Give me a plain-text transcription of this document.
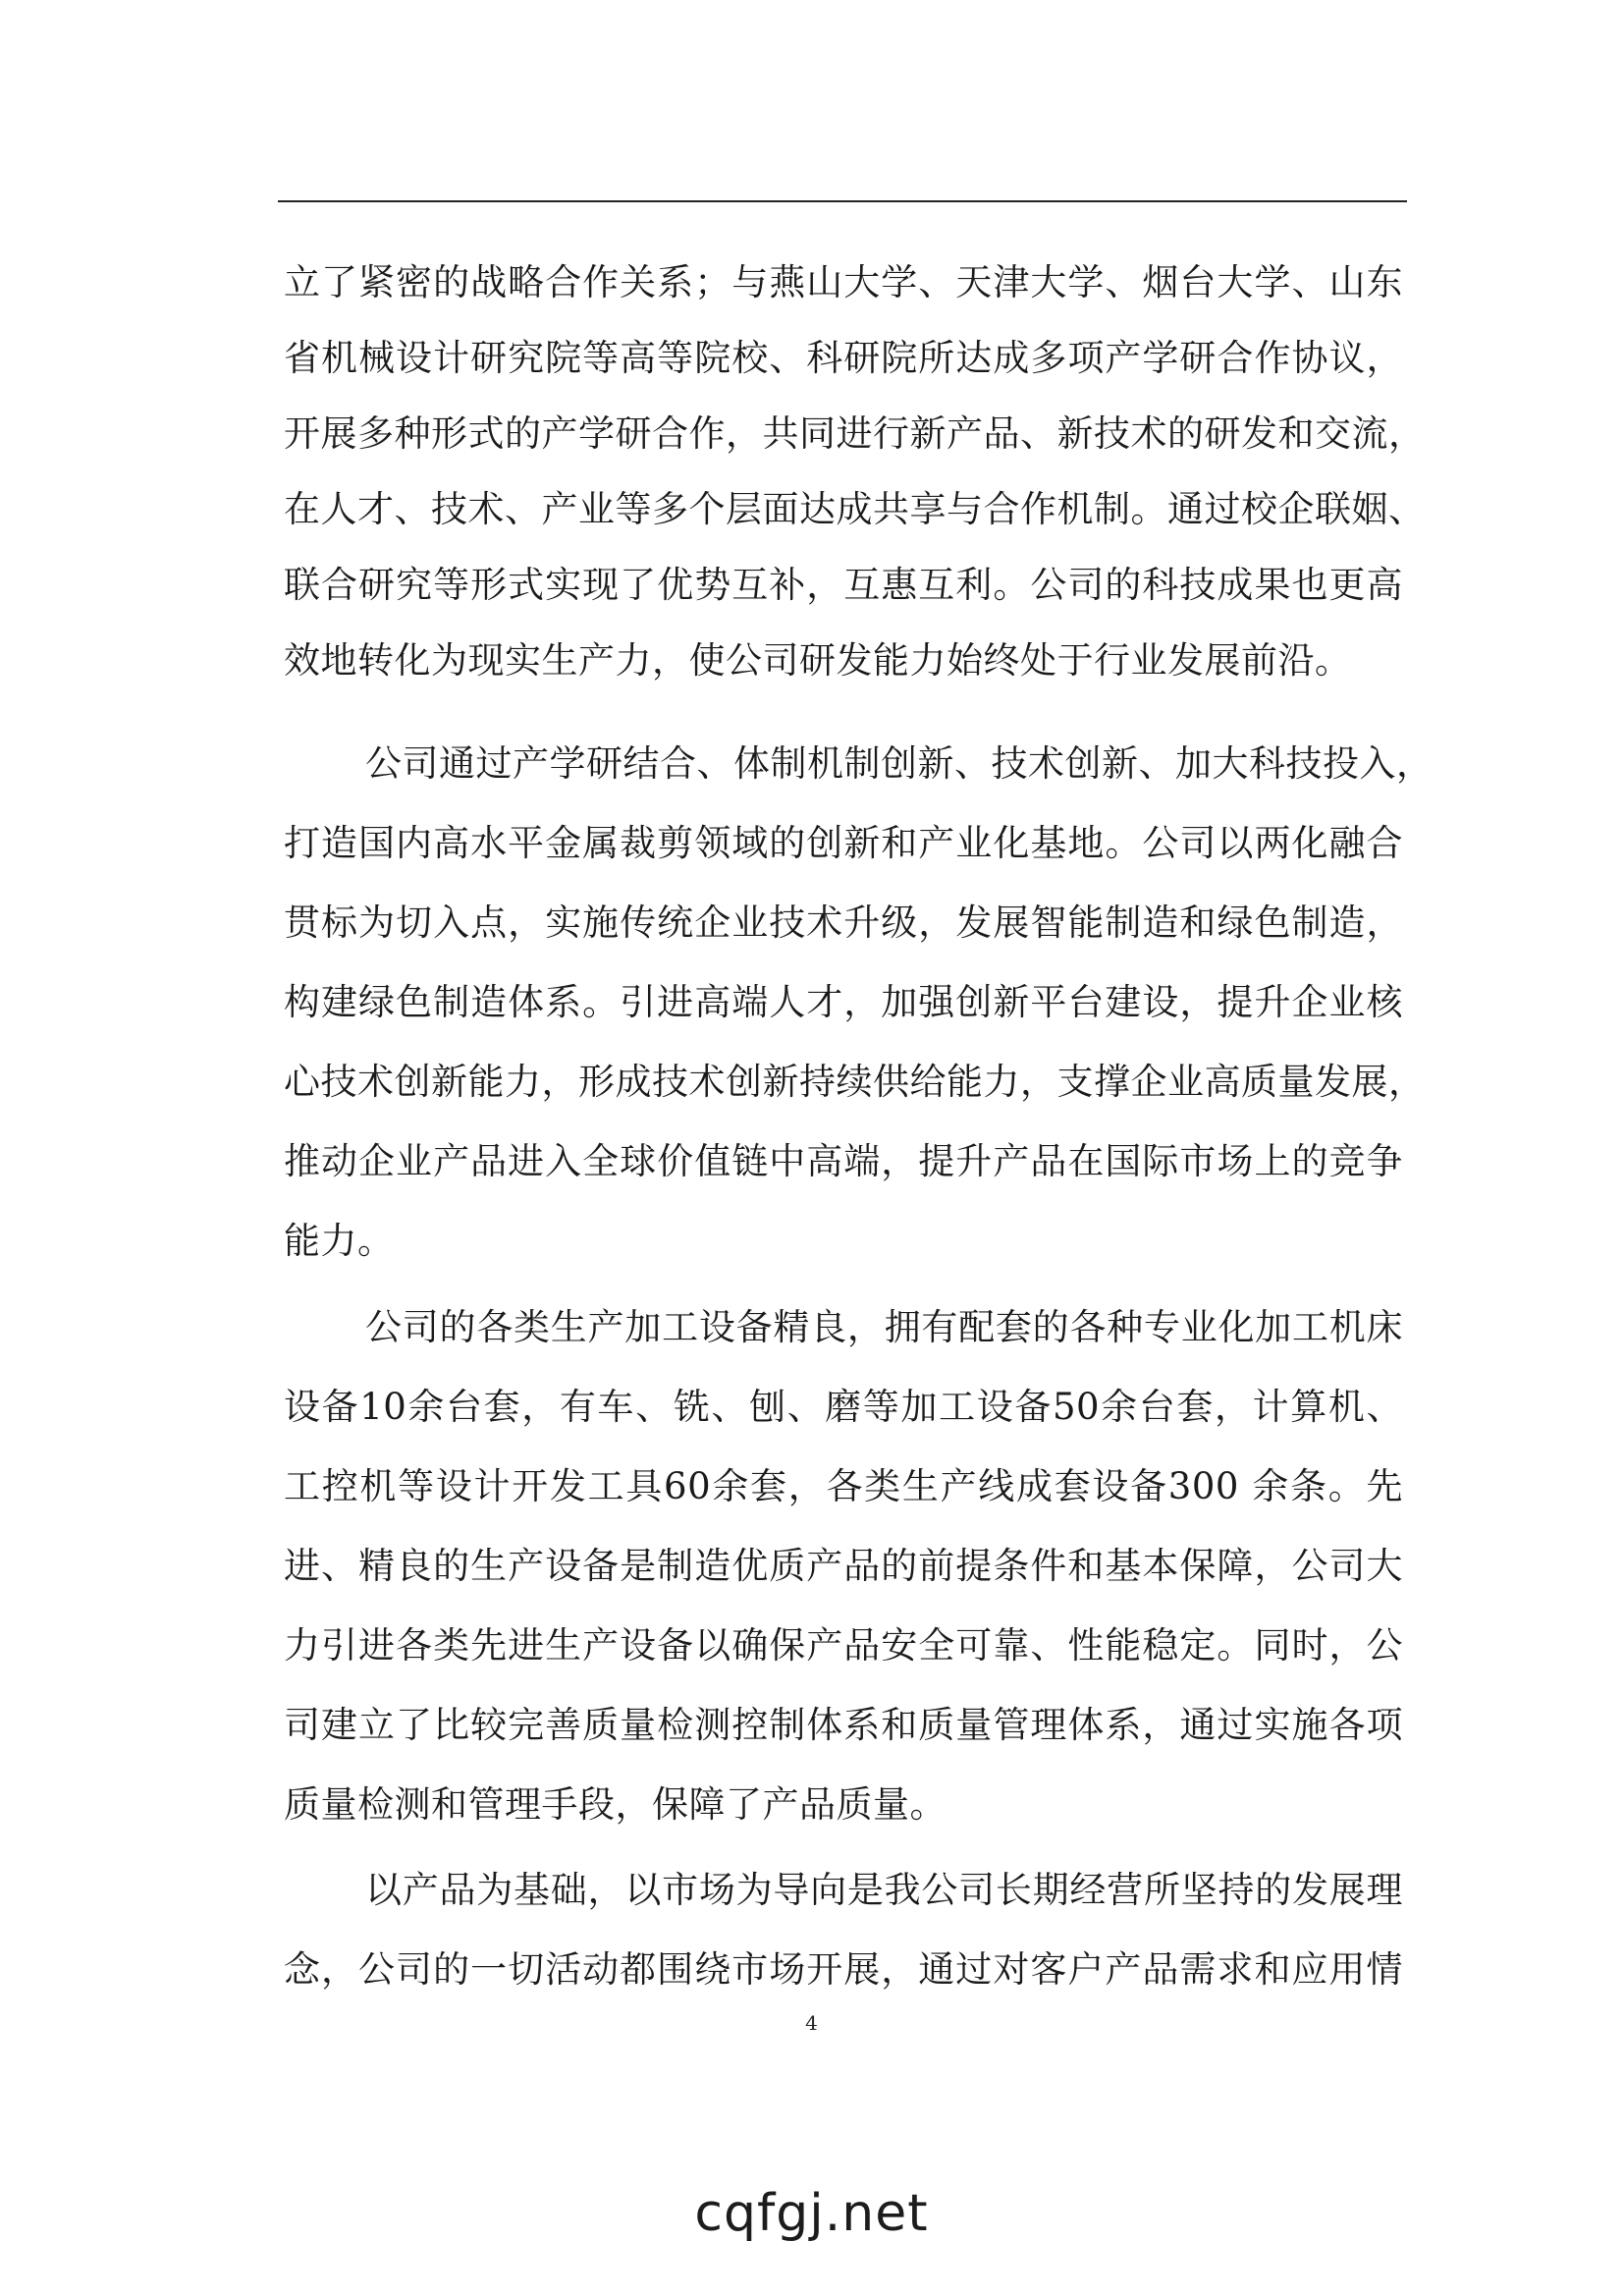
立了紧密的战略合作关系；与燕山大学、天津大学、烟台大学、山东
省机械设计研究院等高等院校、科研院所达成多项产学研合作协议，
开展多种形式的产学研合作，共同进行新产品、新技术的研发和交流，
在人才、技术、产业等多个层面达成共享与合作机制。通过校企联姻、
联合研究等形式实现了优势互补，互惠互利。公司的科技成果也更高
效地转化为现实生产力，使公司研发能力始终处于行业发展前沿。
公司通过产学研结合、体制机制创新、技术创新、加大科技投入，
打造国内高水平金属裁剪领域的创新和产业化基地。公司以两化融合
贯标为切入点，实施传统企业技术升级，发展智能制造和绿色制造，
构建绿色制造体系。引进高端人才，加强创新平台建设，提升企业核
心技术创新能力，形成技术创新持续供给能力，支撑企业高质量发展，
推动企业产品进入全球价值链中高端，提升产品在国际市场上的竞争
能力。
公司的各类生产加工设备精良，拥有配套的各种专业化加工机床
设备10余台套，有车、铣、刨、磨等加工设备50余台套，计算机、
工控机等设计开发工具60余套，各类生产线成套设备300 余条。先
进、精良的生产设备是制造优质产品的前提条件和基本保障，公司大
力引进各类先进生产设备以确保产品安全可靠、性能稳定。同时，公
司建立了比较完善质量检测控制体系和质量管理体系，通过实施各项
质量检测和管理手段，保障了产品质量。
以产品为基础，以市场为导向是我公司长期经营所坚持的发展理
念，公司的一切活动都围绕市场开展，通过对客户产品需求和应用情
4
cqfgj.net
